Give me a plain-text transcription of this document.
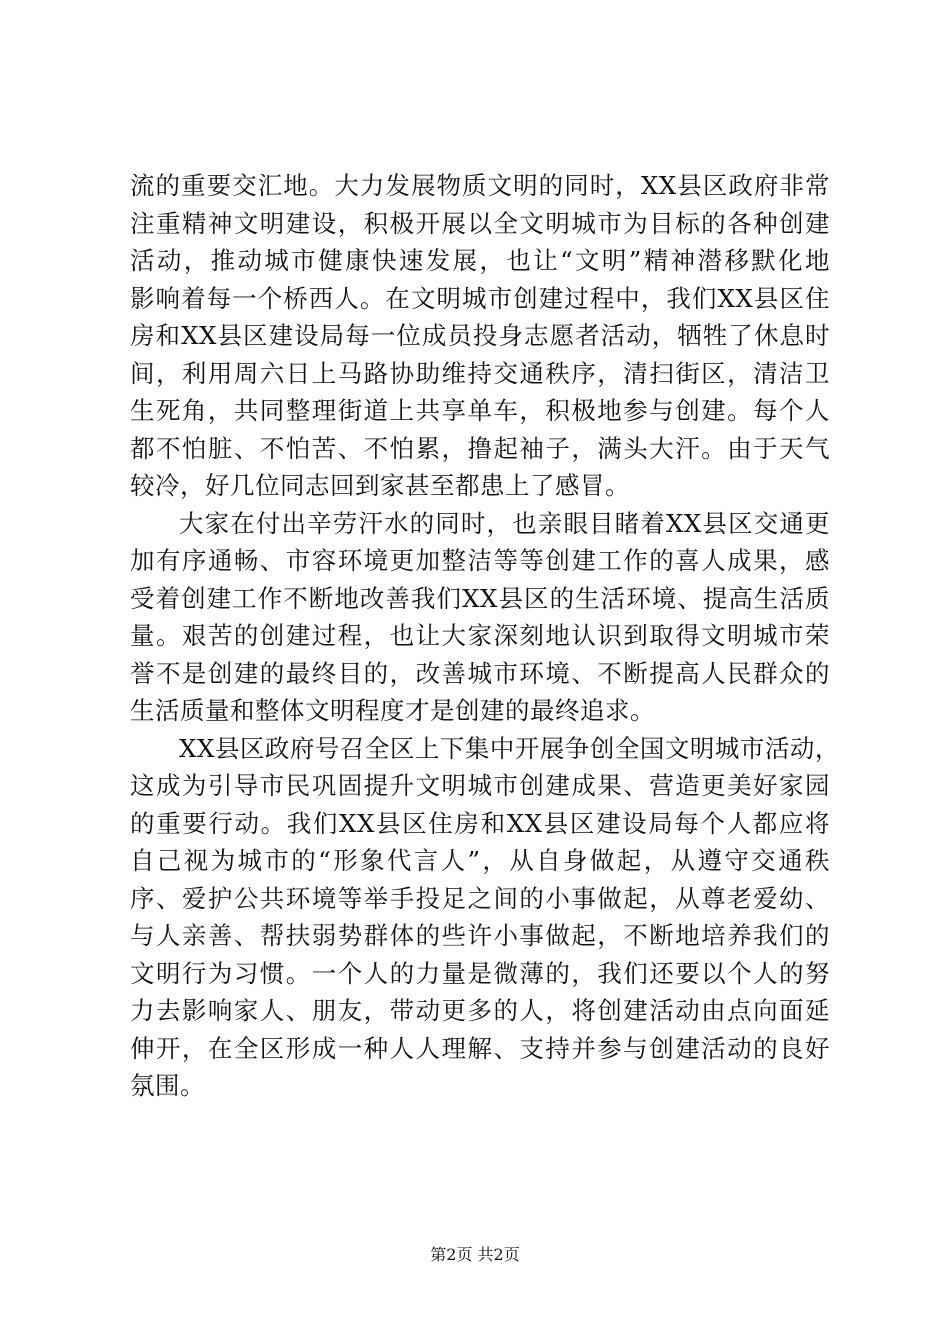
流的重要交汇地。大力发展物质文明的同时，XX县区政府非常
注重精神文明建设，积极开展以全文明城市为目标的各种创建
活动，推动城市健康快速发展，也让“文明”精神潜移默化地
影响着每一个桥西人。在文明城市创建过程中，我们XX县区住
房和XX县区建设局每一位成员投身志愿者活动，牺牲了休息时
间，利用周六日上马路协助维持交通秩序，清扫街区，清洁卫
生死角，共同整理街道上共享单车，积极地参与创建。每个人
都不怕脏、不怕苦、不怕累，撸起袖子，满头大汗。由于天气
较冷，好几位同志回到家甚至都患上了感冒。
大家在付出辛劳汗水的同时，也亲眼目睹着XX县区交通更
加有序通畅、市容环境更加整洁等等创建工作的喜人成果，感
受着创建工作不断地改善我们XX县区的生活环境、提高生活质
量。艰苦的创建过程，也让大家深刻地认识到取得文明城市荣
誉不是创建的最终目的，改善城市环境、不断提高人民群众的
生活质量和整体文明程度才是创建的最终追求。
XX县区政府号召全区上下集中开展争创全国文明城市活动，
这成为引导市民巩固提升文明城市创建成果、营造更美好家园
的重要行动。我们XX县区住房和XX县区建设局每个人都应将
自己视为城市的“形象代言人”，从自身做起，从遵守交通秩
序、爱护公共环境等举手投足之间的小事做起，从尊老爱幼、
与人亲善、帮扶弱势群体的些许小事做起，不断地培养我们的
文明行为习惯。一个人的力量是微薄的，我们还要以个人的努
力去影响家人、朋友，带动更多的人，将创建活动由点向面延
伸开，在全区形成一种人人理解、支持并参与创建活动的良好
氛围。
第2页 共2页
